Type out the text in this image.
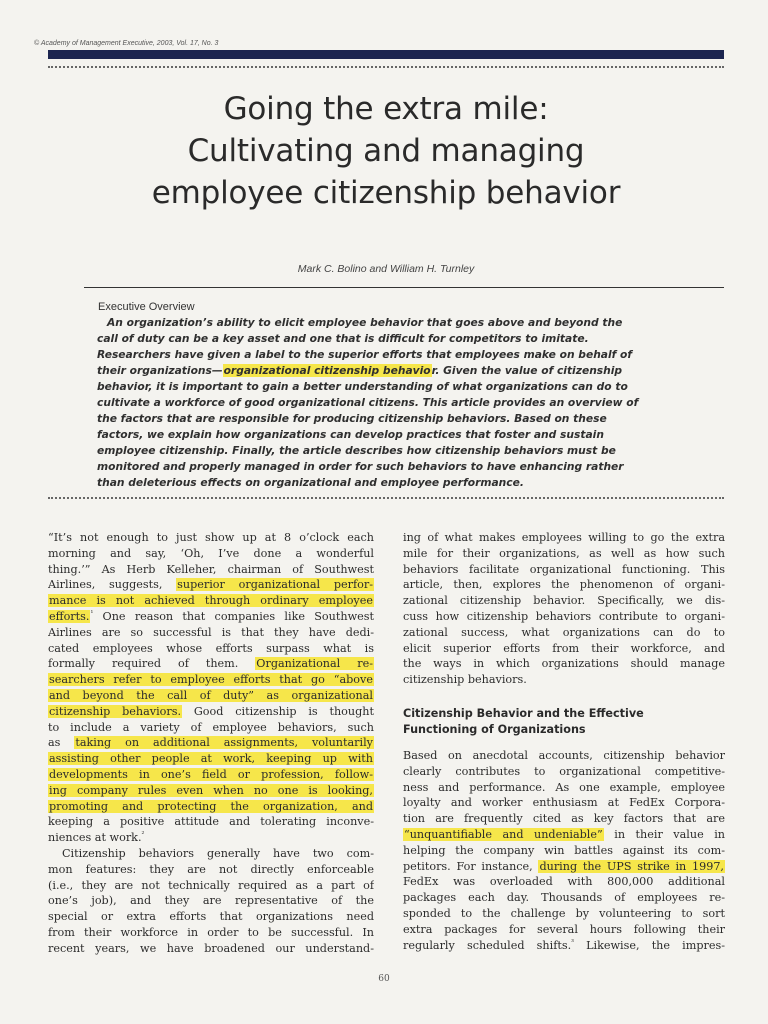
© Academy of Management Executive, 2003, Vol. 17, No. 3
Going the extra mile:
Cultivating and managing
employee citizenship behavior
Mark C. Bolino and William H. Turnley
Executive Overview
An organization’s ability to elicit employee behavior that goes above and beyond the
call of duty can be a key asset and one that is difficult for competitors to imitate.
Researchers have given a label to the superior efforts that employees make on behalf of
their organizations—organizational citizenship behavior. Given the value of citizenship
behavior, it is important to gain a better understanding of what organizations can do to
cultivate a workforce of good organizational citizens. This article provides an overview of
the factors that are responsible for producing citizenship behaviors. Based on these
factors, we explain how organizations can develop practices that foster and sustain
employee citizenship. Finally, the article describes how citizenship behaviors must be
monitored and properly managed in order for such behaviors to have enhancing rather
than deleterious effects on organizational and employee performance.
“It’s not enough to just show up at 8 o’clock each
morning and say, ‘Oh, I’ve done a wonderful
thing.’” As Herb Kelleher, chairman of Southwest
Airlines, suggests, superior organizational perfor-
mance is not achieved through ordinary employee
efforts.$^{^1}$ One reason that companies like Southwest
Airlines are so successful is that they have dedi-
cated employees whose efforts surpass what is
formally required of them. Organizational re-
searchers refer to employee efforts that go “above
and beyond the call of duty” as organizational
citizenship behaviors. Good citizenship is thought
to include a variety of employee behaviors, such
as taking on additional assignments, voluntarily
assisting other people at work, keeping up with
developments in one’s field or profession, follow-
ing company rules even when no one is looking,
promoting and protecting the organization, and
keeping a positive attitude and tolerating inconve-
niences at work.$^{^2}$
Citizenship behaviors generally have two com-
mon features: they are not directly enforceable
(i.e., they are not technically required as a part of
one’s job), and they are representative of the
special or extra efforts that organizations need
from their workforce in order to be successful. In
recent years, we have broadened our understand-
ing of what makes employees willing to go the extra
mile for their organizations, as well as how such
behaviors facilitate organizational functioning. This
article, then, explores the phenomenon of organi-
zational citizenship behavior. Specifically, we dis-
cuss how citizenship behaviors contribute to organi-
zational success, what organizations can do to
elicit superior efforts from their workforce, and
the ways in which organizations should manage
citizenship behaviors.
Citizenship Behavior and the Effective
Functioning of Organizations
Based on anecdotal accounts, citizenship behavior
clearly contributes to organizational competitive-
ness and performance. As one example, employee
loyalty and worker enthusiasm at FedEx Corpora-
tion are frequently cited as key factors that are
“unquantifiable and undeniable” in their value in
helping the company win battles against its com-
petitors. For instance, during the UPS strike in 1997,
FedEx was overloaded with 800,000 additional
packages each day. Thousands of employees re-
sponded to the challenge by volunteering to sort
extra packages for several hours following their
regularly scheduled shifts.$^{^3}$ Likewise, the impres-
60
